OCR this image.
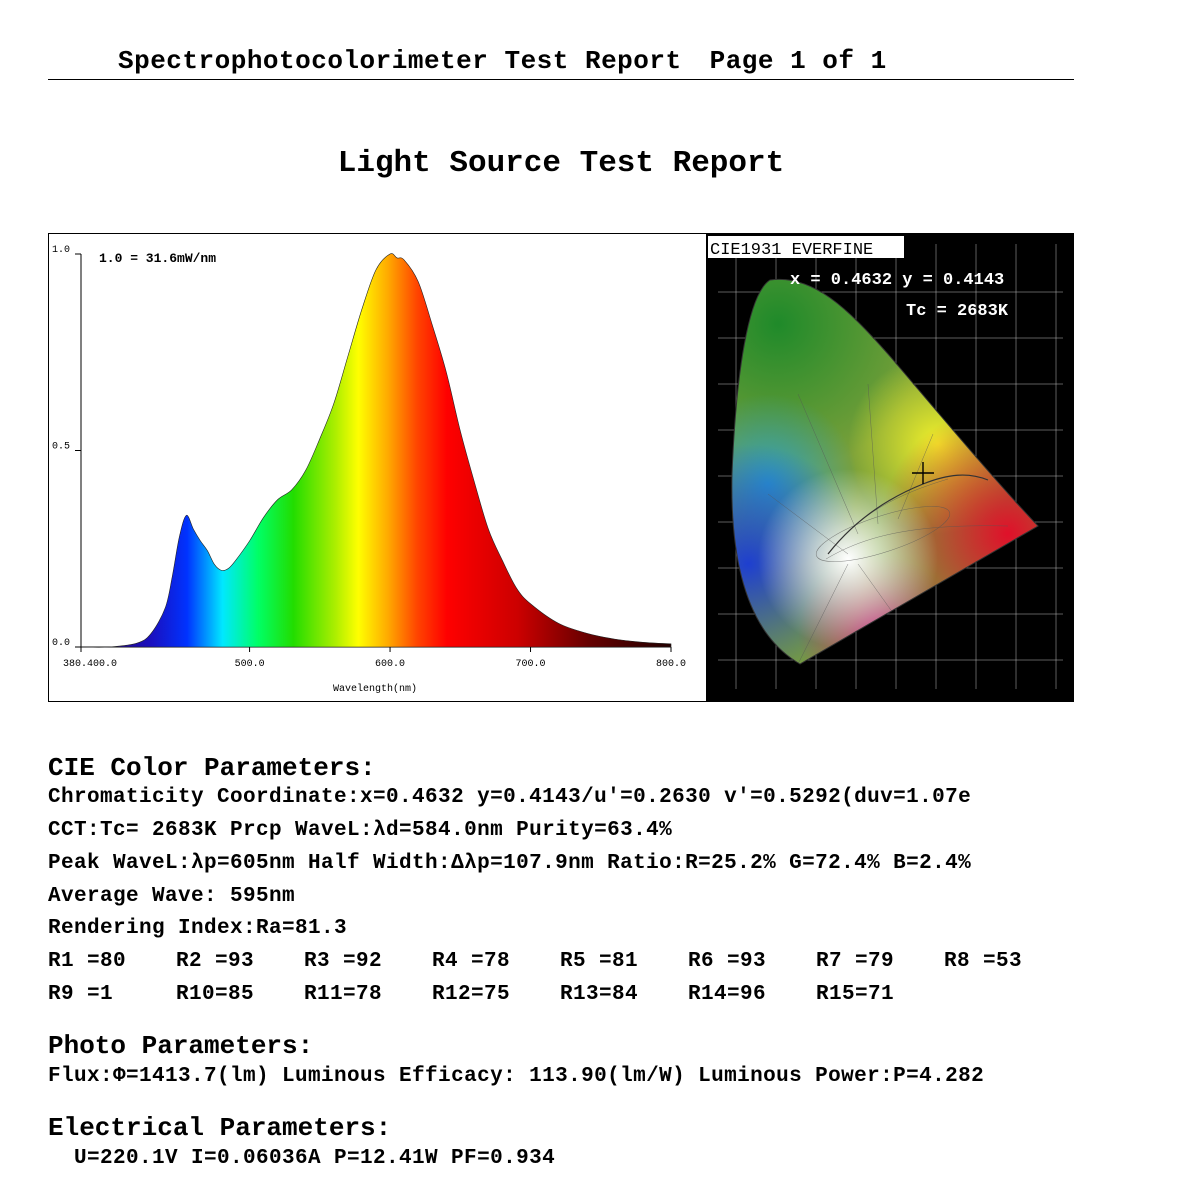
Spectrophotocolorimeter Test Report Page 1 of 1
Light Source Test Report
1.0 = 31.6mW/nm
0.0
0.5
1.0
380.400.0	500.0	600.0	700.0	800.0
Wavelength(nm)
CIE1931 EVERFINE
x = 0.4632 y = 0.4143
Tc = 2683K
CIE Color Parameters:
Chromaticity Coordinate:x=0.4632 y=0.4143/u'=0.2630 v'=0.5292(duv=1.07e
CCT:Tc= 2683K Prcp WaveL:λd=584.0nm Purity=63.4%
Peak WaveL:λp=605nm Half Width:Δλp=107.9nm Ratio:R=25.2% G=72.4% B=2.4%
Average Wave: 595nm
Rendering Index:Ra=81.3
R1 =80 R2 =93 R3 =92 R4 =78 R5 =81 R6 =93 R7 =79 R8 =53
R9 =1	R10=85 R11=78 R12=75 R13=84 R14=96 R15=71
Photo Parameters:
Flux:Φ=1413.7(lm) Luminous Efficacy: 113.90(lm/W) Luminous Power:P=4.282
Electrical Parameters:
U=220.1V I=0.06036A P=12.41W PF=0.934
